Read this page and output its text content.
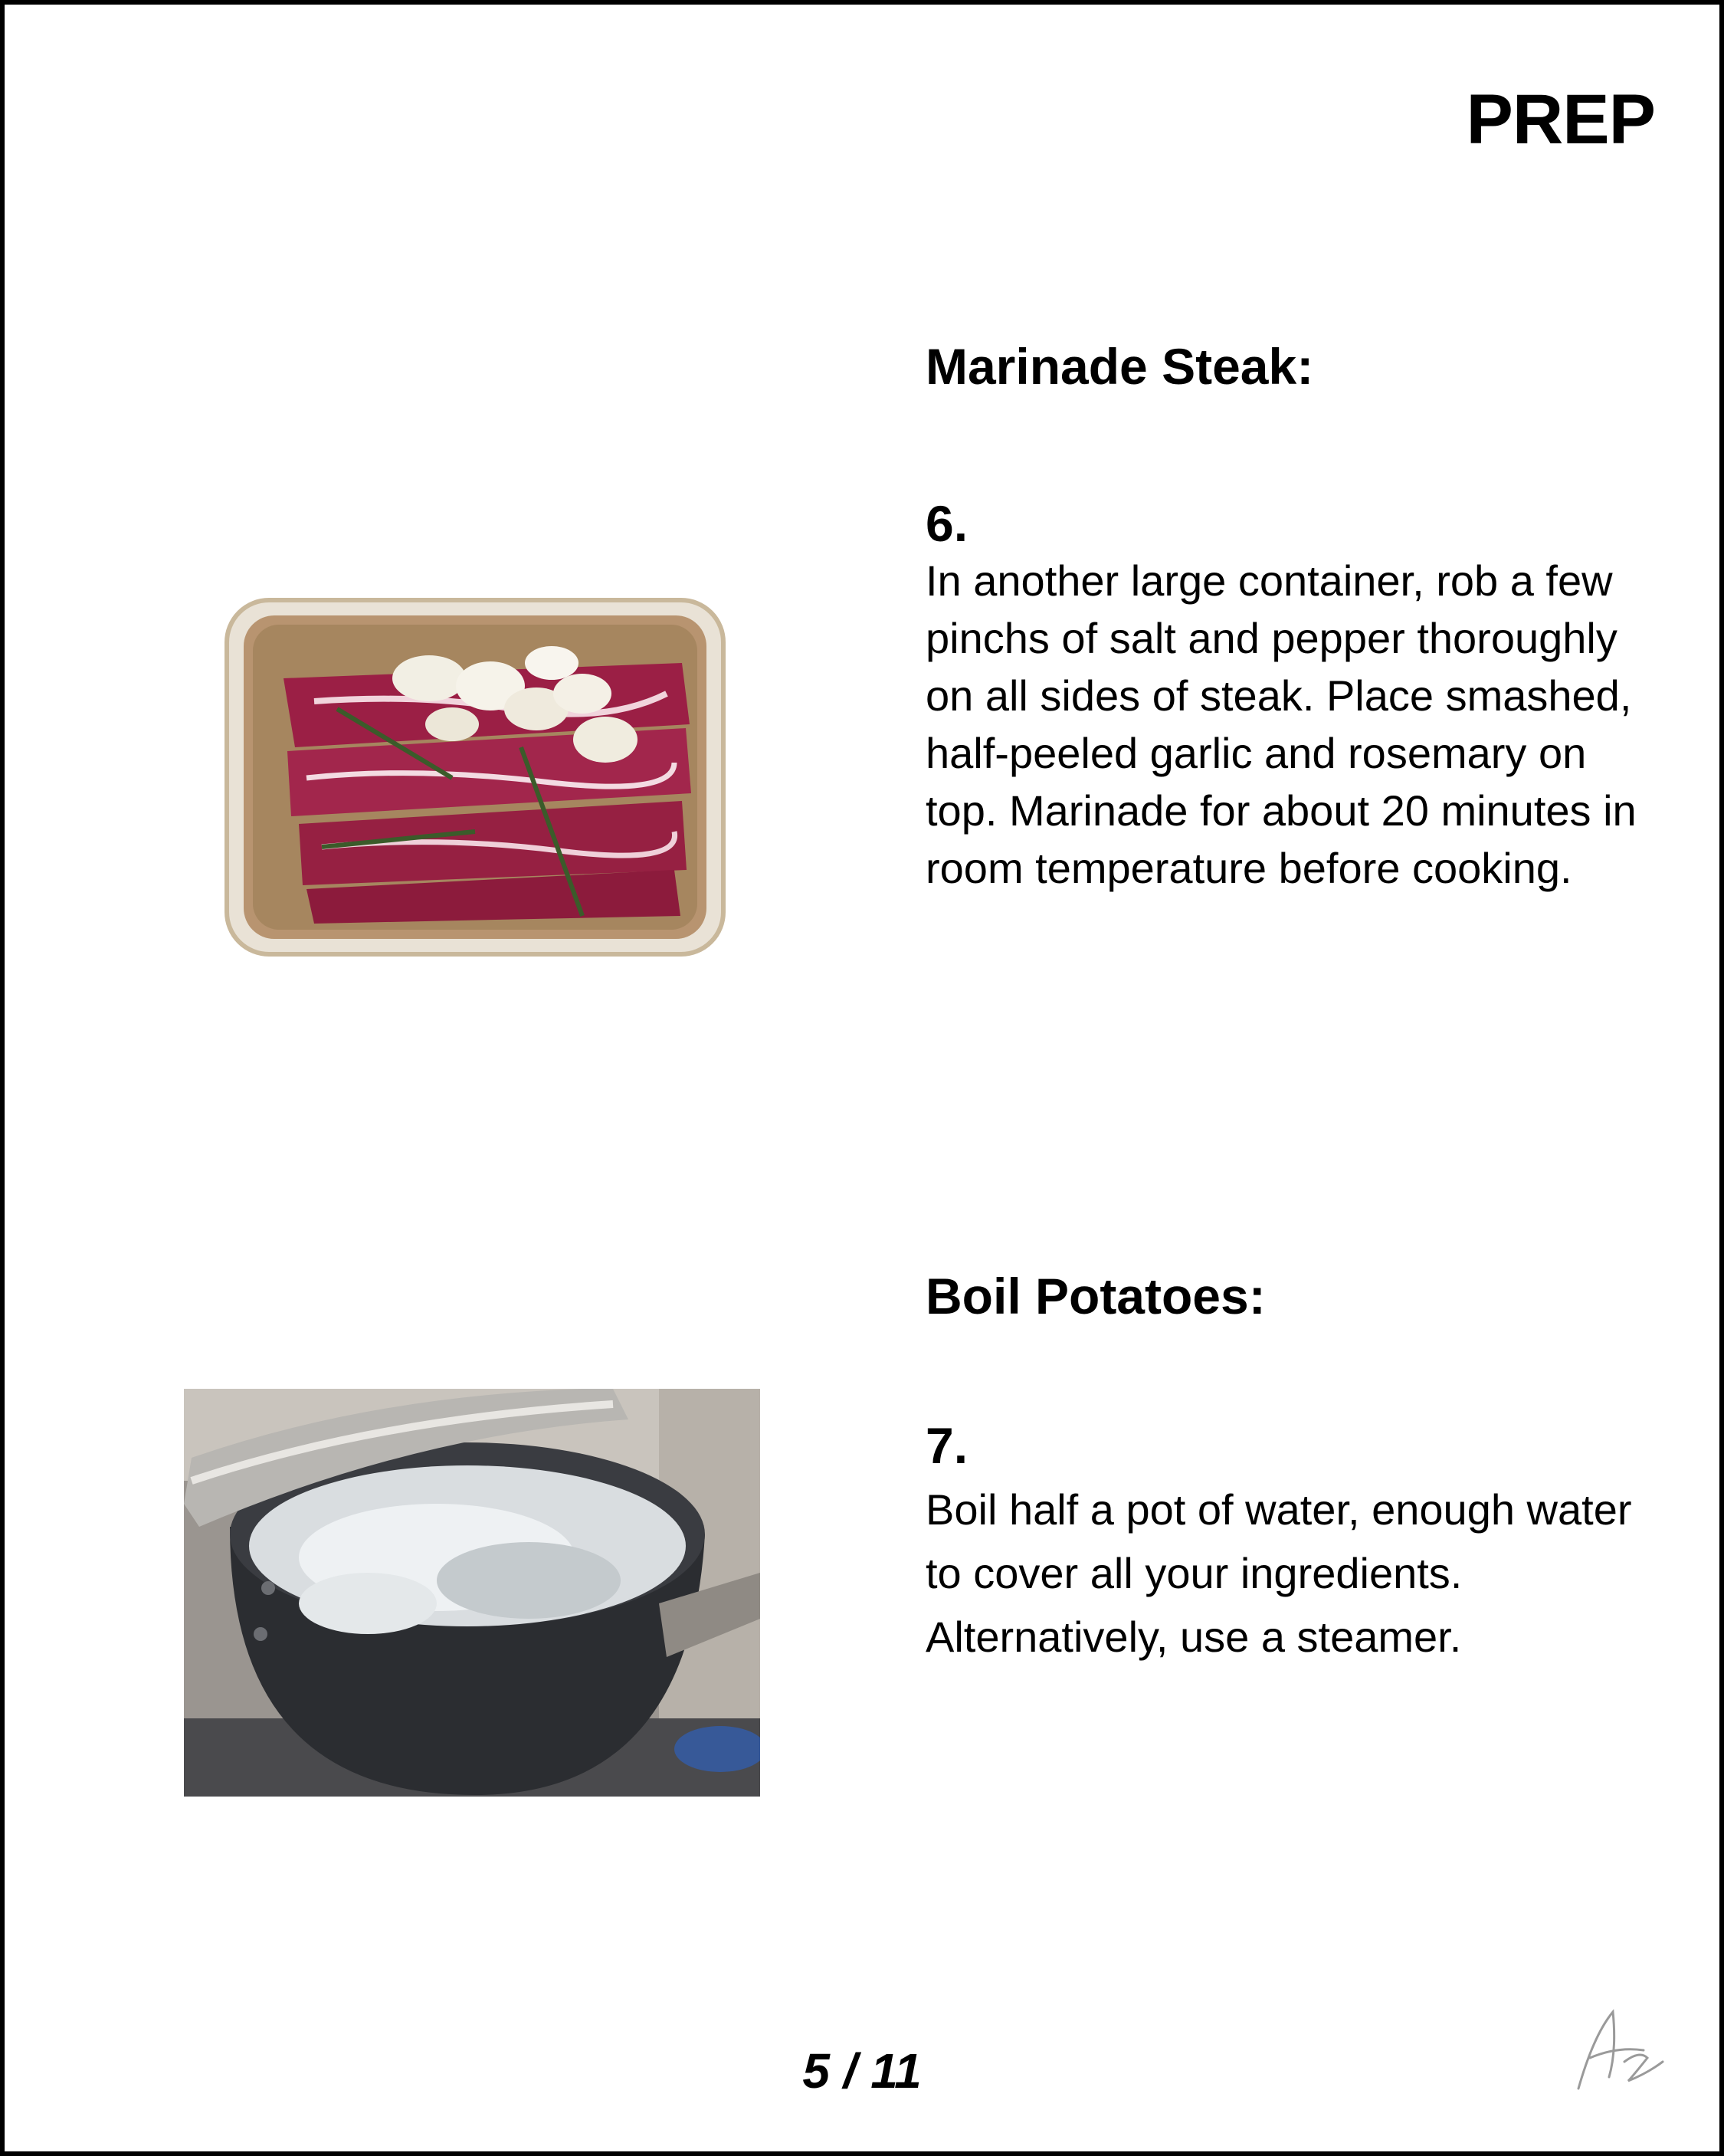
PREP
Marinade Steak:
6.

In another large container, rob a few pinchs of salt and pepper thoroughly on all sides of steak. Place smashed, half-peeled garlic and rosemary on top. Marinade for about 20 minutes in room temperature before cooking.

Boil Potatoes:
7.

Boil half a pot of water, enough water to cover all your ingredients. Alternatively, use a steamer.

5 / 11
